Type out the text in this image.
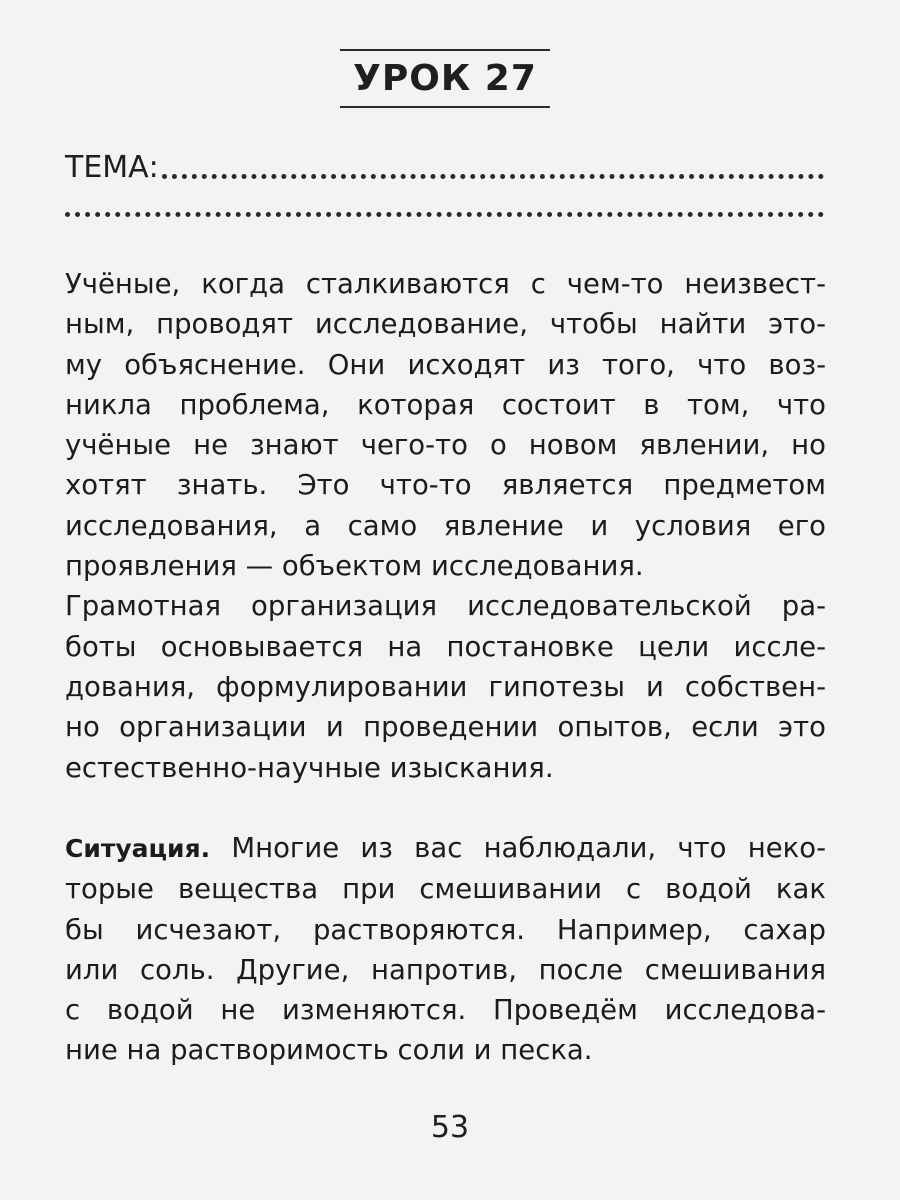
УРОК 27
ТЕМА:
Учёные, когда сталкиваются с чем-то неизвест-
ным, проводят исследование, чтобы найти это-
му объяснение. Они исходят из того, что воз-
никла проблема, которая состоит в том, что
учёные не знают чего-то о новом явлении, но
хотят знать. Это что-то является предметом
исследования, а само явление и условия его
проявления — объектом исследования.
Грамотная организация исследовательской ра-
боты основывается на постановке цели иссле-
дования, формулировании гипотезы и собствен-
но организации и проведении опытов, если это
естественно-научные изыскания.
Ситуация. Многие из вас наблюдали, что неко-
торые вещества при смешивании с водой как
бы исчезают, растворяются. Например, сахар
или соль. Другие, напротив, после смешивания
с водой не изменяются. Проведём исследова-
ние на растворимость соли и песка.
53
